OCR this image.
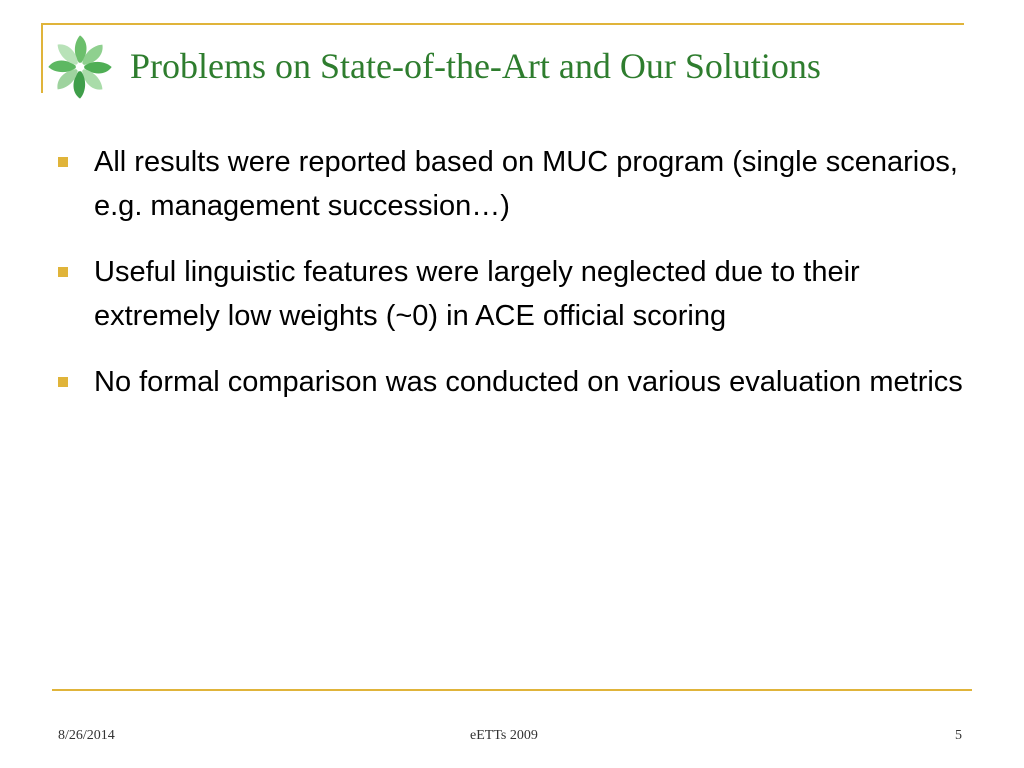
Problems on State-of-the-Art and Our Solutions
All results were reported based on MUC program (single scenarios, e.g. management succession…)
Useful linguistic features were largely neglected due to their extremely low weights (~0) in ACE official scoring
No formal comparison was conducted on various evaluation metrics
8/26/2014	eETTs 2009	5
